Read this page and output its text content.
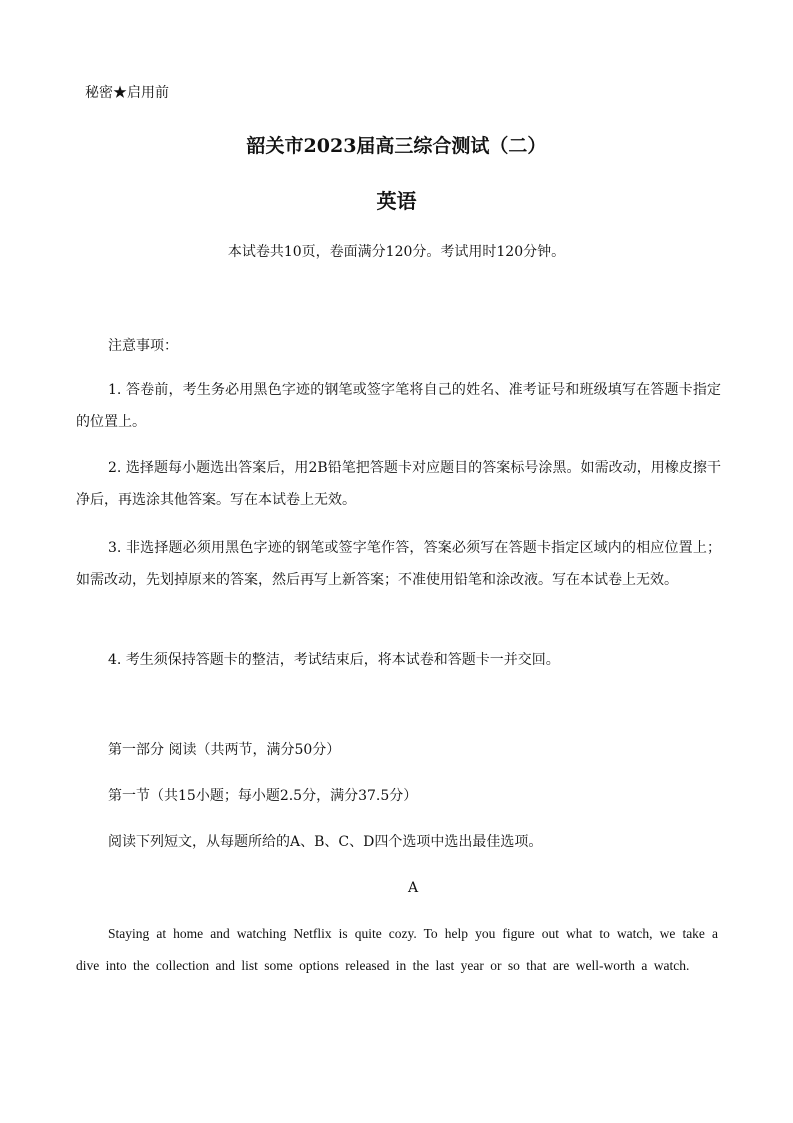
秘密★启用前
韶关市2023届高三综合测试（二）
英语
本试卷共10页，卷面满分120分。考试用时120分钟。
注意事项：

1. 答卷前，考生务必用黑色字迹的钢笔或签字笔将自己的姓名、准考证号和班级填写在答题卡指定的位置上。

2. 选择题每小题选出答案后，用2B铅笔把答题卡对应题目的答案标号涂黑。如需改动，用橡皮擦干净后，再选涂其他答案。写在本试卷上无效。

3. 非选择题必须用黑色字迹的钢笔或签字笔作答，答案必须写在答题卡指定区域内的相应位置上；如需改动，先划掉原来的答案，然后再写上新答案；不准使用铅笔和涂改液。写在本试卷上无效。

4. 考生须保持答题卡的整洁，考试结束后，将本试卷和答题卡一并交回。

第一部分 阅读（共两节，满分50分）
第一节（共15小题；每小题2.5分，满分37.5分）
阅读下列短文，从每题所给的A、B、C、D四个选项中选出最佳选项。
A

Staying at home and watching Netflix is quite cozy. To help you figure out what to watch, we take a dive into the collection and list some options released in the last year or so that are well-worth a watch.
